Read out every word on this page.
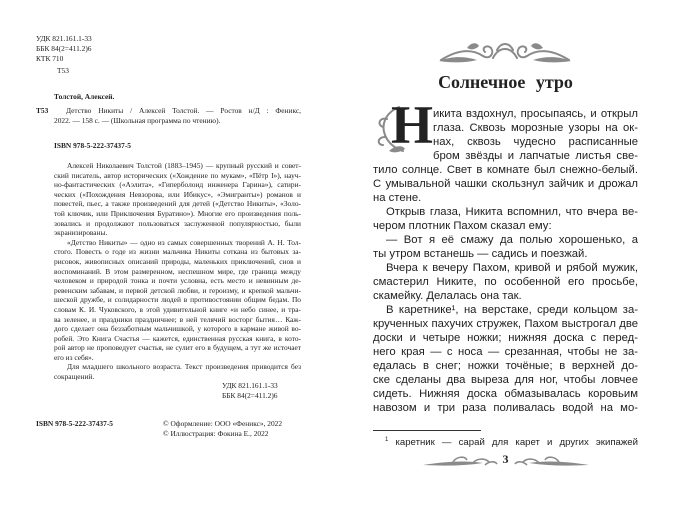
УДК 821.161.1-33
ББК 84(2=411.2)6
КТК 710
Т53
Толстой, Алексей.
Т53 Детство Никиты / Алексей Толстой. — Ростов н/Д : Феникс,
2022. — 158 с. — (Школьная программа по чтению).
ISBN 978-5-222-37437-5
Алексей Николаевич Толстой (1883–1945) — крупный русский и совет-
ский писатель, автор исторических («Хождение по мукам», «Пётр I»), науч-
но-фантастических («Аэлита», «Гиперболоид инженера Гарина»), сатири-
ческих («Похождения Невзорова, или Ибикус», «Эмигранты») романов и
повестей, пьес, а также произведений для детей («Детство Никиты», «Золо-
той ключик, или Приключения Буратино»). Многие его произведения поль-
зовались и продолжают пользоваться заслуженной популярностью, были
экранизированы.
«Детство Никиты» — одно из самых совершенных творений А. Н. Тол-
стого. Повесть о годе из жизни мальчика Никиты соткана из бытовых за-
рисовок, живописных описаний природы, маленьких приключений, снов и
воспоминаний. В этом размеренном, неспешном мире, где граница между
человеком и природой тонка и почти условна, есть место и невинным де-
ревенским забавам, и первой детской любви, и героизму, и крепкой мальчи-
шеской дружбе, и солидарности людей в противостоянии общим бедам. По
словам К. И. Чуковского, в этой удивительной книге «и небо синее, и тра-
ва зеленее, и праздники праздничнее; в ней телячий восторг бытия… Каж-
дого сделает она беззаботным мальчишкой, у которого в кармане живой во-
робей. Это Книга Счастья — кажется, единственная русская книга, в кото-
рой автор не проповедует счастья, не сулит его в будущем, а тут же источает
его из себя».
Для младшего школьного возраста. Текст произведения приводится без
сокращений.
УДК 821.161.1-33
ББК 84(2=411.2)6
ISBN 978-5-222-37437-5	© Оформление: ООО «Феникс», 2022
© Иллюстрация: Фокина Е., 2022
Солнечное утро
Н икита вздохнул, просыпаясь, и открыл
глаза. Сквозь морозные узоры на ок-
нах, сквозь чудесно расписанные
бром звёзды и лапчатые листья све-
тило солнце. Свет в комнате был снежно-белый.
С умывальной чашки скользнул зайчик и дрожал
на стене.
Открыв глаза, Никита вспомнил, что вчера ве-
чером плотник Пахом сказал ему:
— Вот я её смажу да полью хорошенько, а
ты утром встанешь — садись и поезжай.
Вчера к вечеру Пахом, кривой и рябой мужик,
смастерил Никите, по особенной его просьбе,
скамейку. Делалась она так.
В каретнике¹, на верстаке, среди кольцом за-
крученных пахучих стружек, Пахом выстрогал две
доски и четыре ножки; нижняя доска с перед-
него края — с носа — срезанная, чтобы не за-
едалась в снег; ножки точёные; в верхней до-
ске сделаны два выреза для ног, чтобы ловчее
сидеть. Нижняя доска обмазывалась коровьим
навозом и три раза поливалась водой на мо-
$^1$ каретник — сарай для карет и других экипажей
3
